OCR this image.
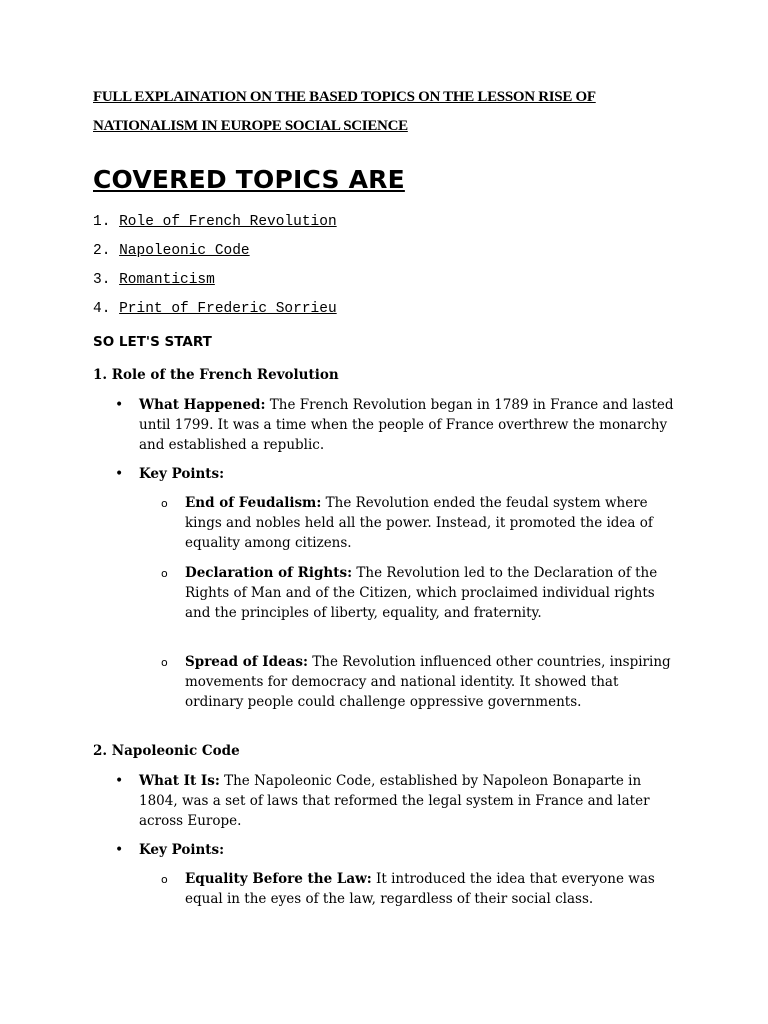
FULL EXPLAINATION ON THE BASED TOPICS ON THE LESSON RISE OF
NATIONALISM IN EUROPE SOCIAL SCIENCE
COVERED TOPICS ARE
1. Role of French Revolution
2. Napoleonic Code
3. Romanticism
4. Print of Frederic Sorrieu
SO LET'S START
1. Role of the French Revolution
• What Happened: The French Revolution began in 1789 in France and lasted until 1799. It was a time when the people of France overthrew the monarchy and established a republic.
• Key Points:
o End of Feudalism: The Revolution ended the feudal system where kings and nobles held all the power. Instead, it promoted the idea of equality among citizens.
o Declaration of Rights: The Revolution led to the Declaration of the Rights of Man and of the Citizen, which proclaimed individual rights and the principles of liberty, equality, and fraternity.
o Spread of Ideas: The Revolution influenced other countries, inspiring movements for democracy and national identity. It showed that ordinary people could challenge oppressive governments.
2. Napoleonic Code
• What It Is: The Napoleonic Code, established by Napoleon Bonaparte in 1804, was a set of laws that reformed the legal system in France and later across Europe.
• Key Points:
o Equality Before the Law: It introduced the idea that everyone was equal in the eyes of the law, regardless of their social class.
